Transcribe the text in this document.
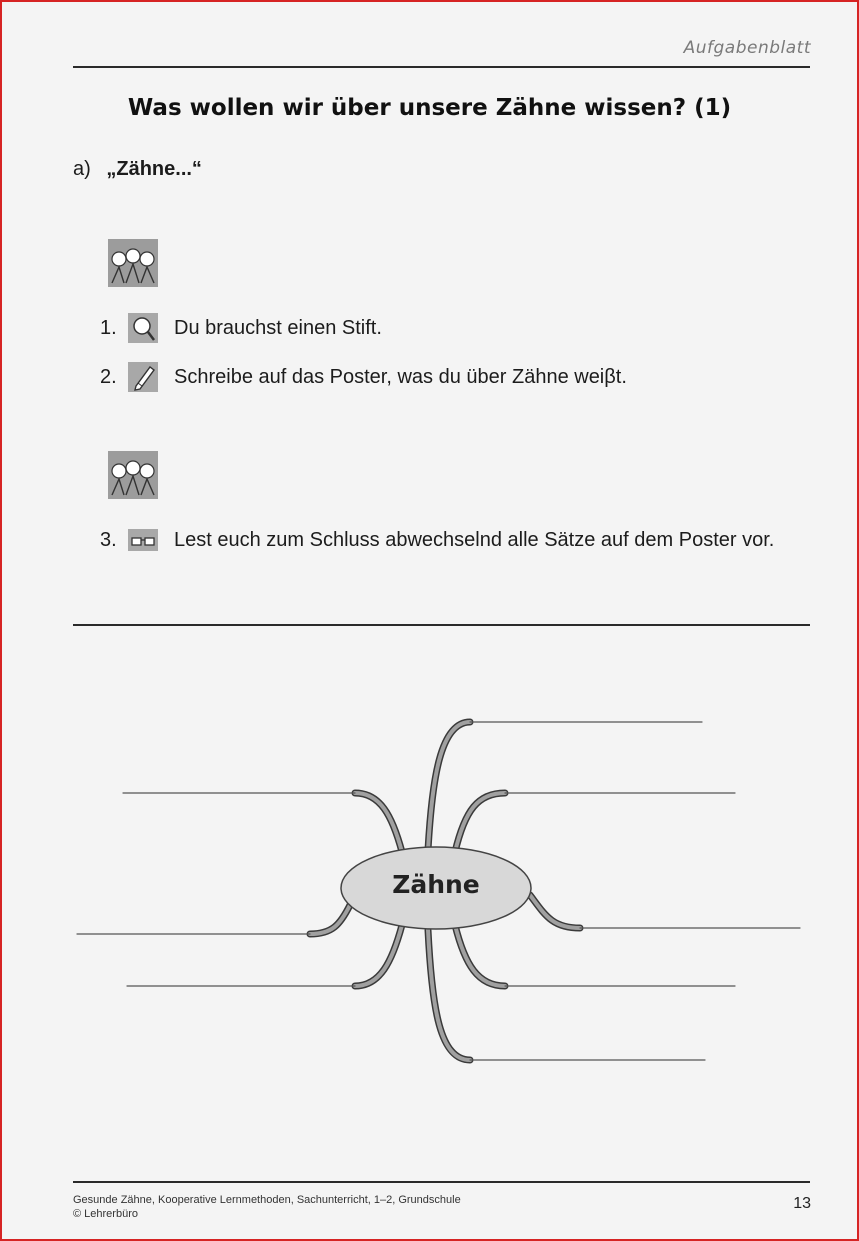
Aufgabenblatt
Was wollen wir über unsere Zähne wissen? (1)
a) „Zähne...“
1.	Du brauchst einen Stift.
2.	Schreibe auf das Poster, was du über Zähne weiβt.
3.	Lest euch zum Schluss abwechselnd alle Sätze auf dem Poster vor.
Zähne
Gesunde Zähne, Kooperative Lernmethoden, Sachunterricht, 1–2, Grundschule
© Lehrerbüro
13
